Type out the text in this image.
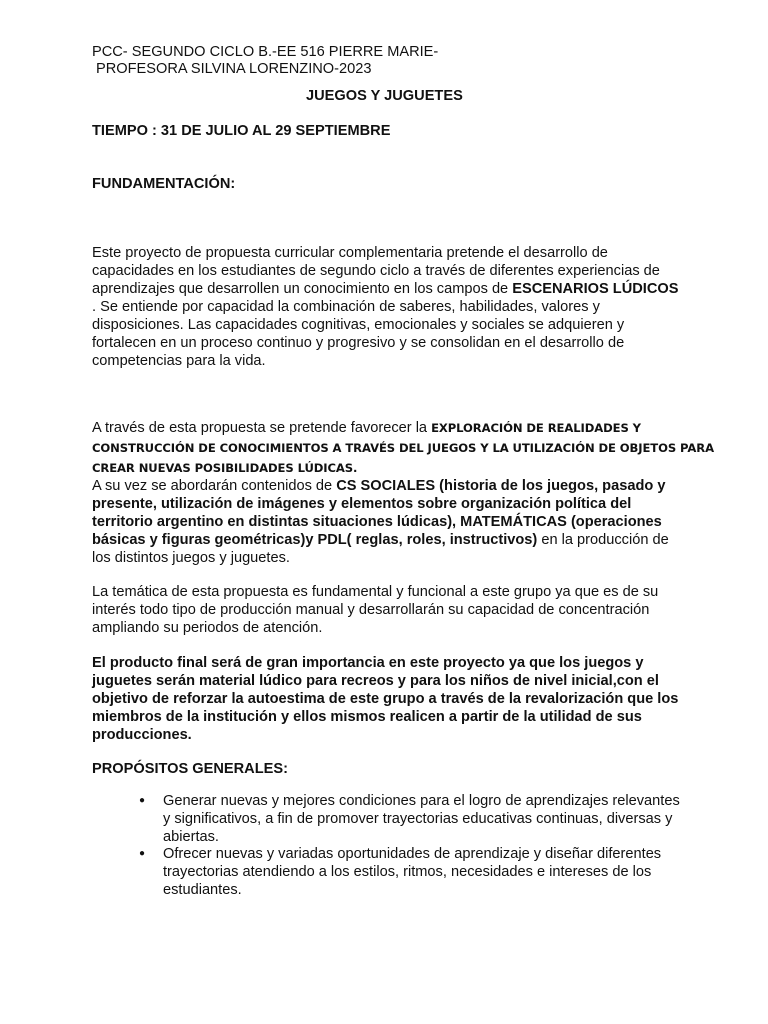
PCC- SEGUNDO CICLO B.-EE 516 PIERRE MARIE-
PROFESORA SILVINA LORENZINO-2023
JUEGOS Y JUGUETES
TIEMPO : 31 DE JULIO AL 29 SEPTIEMBRE
FUNDAMENTACIÓN:
Este proyecto de propuesta curricular complementaria pretende el desarrollo de
capacidades en los estudiantes de segundo ciclo a través de diferentes experiencias de
aprendizajes que desarrollen un conocimiento en los campos de ESCENARIOS LÚDICOS
. Se entiende por capacidad la combinación de saberes, habilidades, valores y
disposiciones. Las capacidades cognitivas, emocionales y sociales se adquieren y
fortalecen en un proceso continuo y progresivo y se consolidan en el desarrollo de
competencias para la vida.
A través de esta propuesta se pretende favorecer la EXPLORACIÓN DE REALIDADES Y
CONSTRUCCIÓN DE CONOCIMIENTOS A TRAVÉS DEL JUEGOS Y LA UTILIZACIÓN DE OBJETOS PARA
CREAR NUEVAS POSIBILIDADES LÚDICAS.
A su vez se abordarán contenidos de CS SOCIALES (historia de los juegos, pasado y
presente, utilización de imágenes y elementos sobre organización política del
territorio argentino en distintas situaciones lúdicas), MATEMÁTICAS (operaciones
básicas y figuras geométricas)y PDL( reglas, roles, instructivos) en la producción de
los distintos juegos y juguetes.
La temática de esta propuesta es fundamental y funcional a este grupo ya que es de su
interés todo tipo de producción manual y desarrollarán su capacidad de concentración
ampliando su periodos de atención.
El producto final será de gran importancia en este proyecto ya que los juegos y
juguetes serán material lúdico para recreos y para los niños de nivel inicial,con el
objetivo de reforzar la autoestima de este grupo a través de la revalorización que los
miembros de la institución y ellos mismos realicen a partir de la utilidad de sus
producciones.
PROPÓSITOS GENERALES:
● Generar nuevas y mejores condiciones para el logro de aprendizajes relevantes
y significativos, a fin de promover trayectorias educativas continuas, diversas y
abiertas.
● Ofrecer nuevas y variadas oportunidades de aprendizaje y diseñar diferentes
trayectorias atendiendo a los estilos, ritmos, necesidades e intereses de los
estudiantes.
